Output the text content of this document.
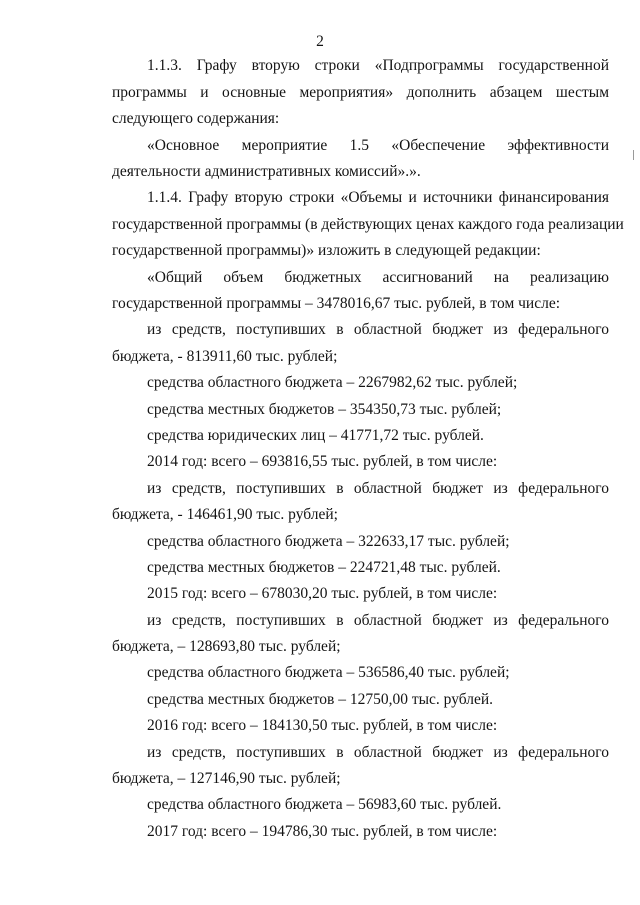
2
1.1.3. Графу вторую строки «Подпрограммы государственной
программы и основные мероприятия» дополнить абзацем шестым
следующего содержания:
«Основное мероприятие 1.5 «Обеспечение эффективности
деятельности административных комиссий».».
1.1.4. Графу вторую строки «Объемы и источники финансирования
государственной программы (в действующих ценах каждого года реализации
государственной программы)» изложить в следующей редакции:
«Общий объем бюджетных ассигнований на реализацию
государственной программы – 3478016,67 тыс. рублей, в том числе:
из средств, поступивших в областной бюджет из федерального
бюджета, - 813911,60 тыс. рублей;
средства областного бюджета – 2267982,62 тыс. рублей;
средства местных бюджетов – 354350,73 тыс. рублей;
средства юридических лиц – 41771,72 тыс. рублей.
2014 год: всего – 693816,55 тыс. рублей, в том числе:
из средств, поступивших в областной бюджет из федерального
бюджета, - 146461,90 тыс. рублей;
средства областного бюджета – 322633,17 тыс. рублей;
средства местных бюджетов – 224721,48 тыс. рублей.
2015 год: всего – 678030,20 тыс. рублей, в том числе:
из средств, поступивших в областной бюджет из федерального
бюджета, – 128693,80 тыс. рублей;
средства областного бюджета – 536586,40 тыс. рублей;
средства местных бюджетов – 12750,00 тыс. рублей.
2016 год: всего – 184130,50 тыс. рублей, в том числе:
из средств, поступивших в областной бюджет из федерального
бюджета, – 127146,90 тыс. рублей;
средства областного бюджета – 56983,60 тыс. рублей.
2017 год: всего – 194786,30 тыс. рублей, в том числе:
